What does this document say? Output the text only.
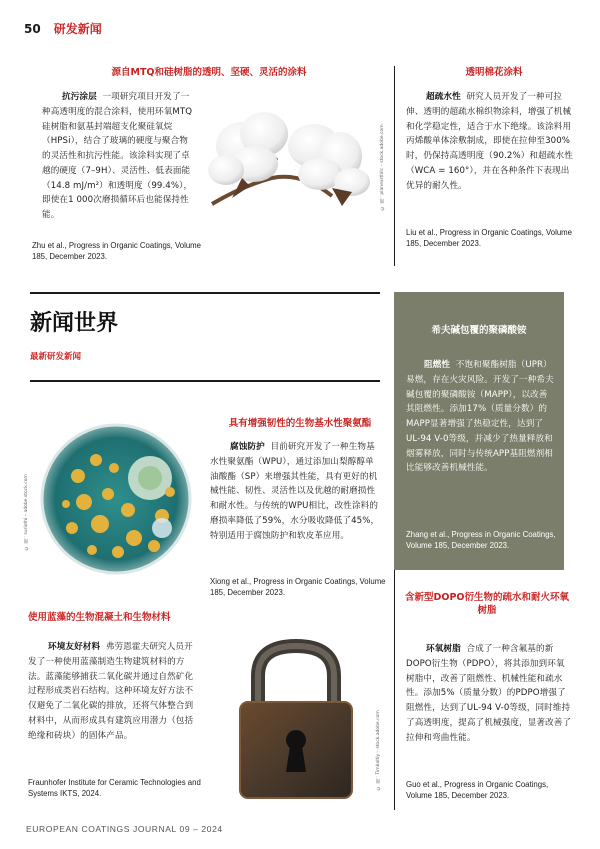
50 研发新闻
源自MTQ和硅树脂的透明、坚硬、灵活的涂料
抗污涂层 一项研究项目开发了一种高透明度的混合涂料，使用环氧MTQ硅树脂和氨基封端超支化聚硅氧烷（HPSi），结合了玻璃的硬度与聚合物的灵活性和抗污性能。该涂料实现了卓越的硬度（7–9H）、灵活性、低表面能（14.8 mJ/m²）和透明度（99.4%），即使在1 000次磨损循环后也能保持性能。
Zhu et al., Progress in Organic Coatings, Volume 185, December 2023.
© 图：planearthllc – stock.adobe.com
透明棉花涂料
超疏水性 研究人员开发了一种可拉伸、透明的超疏水棉织物涂料，增强了机械和化学稳定性，适合于水下绝缘。该涂料用丙烯酸单体涂敷制成，即使在拉伸至300%时，仍保持高透明度（90.2%）和超疏水性（WCA = 160°），并在各种条件下表现出优异的耐久性。
Liu et al., Progress in Organic Coatings, Volume 185, December 2023.
新闻世界
最新研发新闻
希夫碱包覆的聚磷酸铵
阻燃性 不饱和聚酯树脂（UPR）易燃，存在火灾风险。开发了一种希夫碱包覆的聚磷酸铵（MAPP），以改善其阻燃性。添加17%（质量分数）的MAPP显著增强了热稳定性，达到了UL-94 V-0等级，并减少了热量释放和烟雾释放，同时与传统APP基阻燃剂相比能够改善机械性能。
Zhang et al., Progress in Organic Coatings, Volume 185, December 2023.
具有增强韧性的生物基水性聚氨酯
© 图：suriothi – adobe.stock.com
腐蚀防护 目前研究开发了一种生物基水性聚氨酯（WPU），通过添加山梨醇醇单油酸酯（SP）来增强其性能，具有更好的机械性能、韧性、灵活性以及优越的耐磨损性和耐水性。与传统的WPU相比，改性涂料的磨损率降低了59%，水分吸收降低了45%，特别适用于腐蚀防护和软皮革应用。
Xiong et al., Progress in Organic Coatings, Volume 185, December 2023.
使用蓝藻的生物混凝土和生物材料
环境友好材料 弗劳恩霍夫研究人员开发了一种使用蓝藻制造生物建筑材料的方法。蓝藻能够捕获二氧化碳并通过自然矿化过程形成类岩石结构。这种环境友好方法不仅避免了二氧化碳的排放，还将气体整合到材料中，从而形成具有建筑应用潜力（包括绝缘和砖块）的固体产品。
Fraunhofer Institute for Ceramic Technologies and Systems IKTS, 2024.
© 图：Timbaltiy – stock.adobe.com
含新型DOPO衍生物的疏水和耐火环氧树脂
环氧树脂 合成了一种含氟基的新DOPO衍生物（PDPO），将其添加到环氧树脂中，改善了阻燃性、机械性能和疏水性。添加5%（质量分数）的PDPO增强了阻燃性，达到了UL-94 V-0等级，同时维持了高透明度，提高了机械强度，显著改善了拉伸和弯曲性能。
Guo et al., Progress in Organic Coatings, Volume 185, December 2023.
EUROPEAN COATINGS JOURNAL 09 – 2024
